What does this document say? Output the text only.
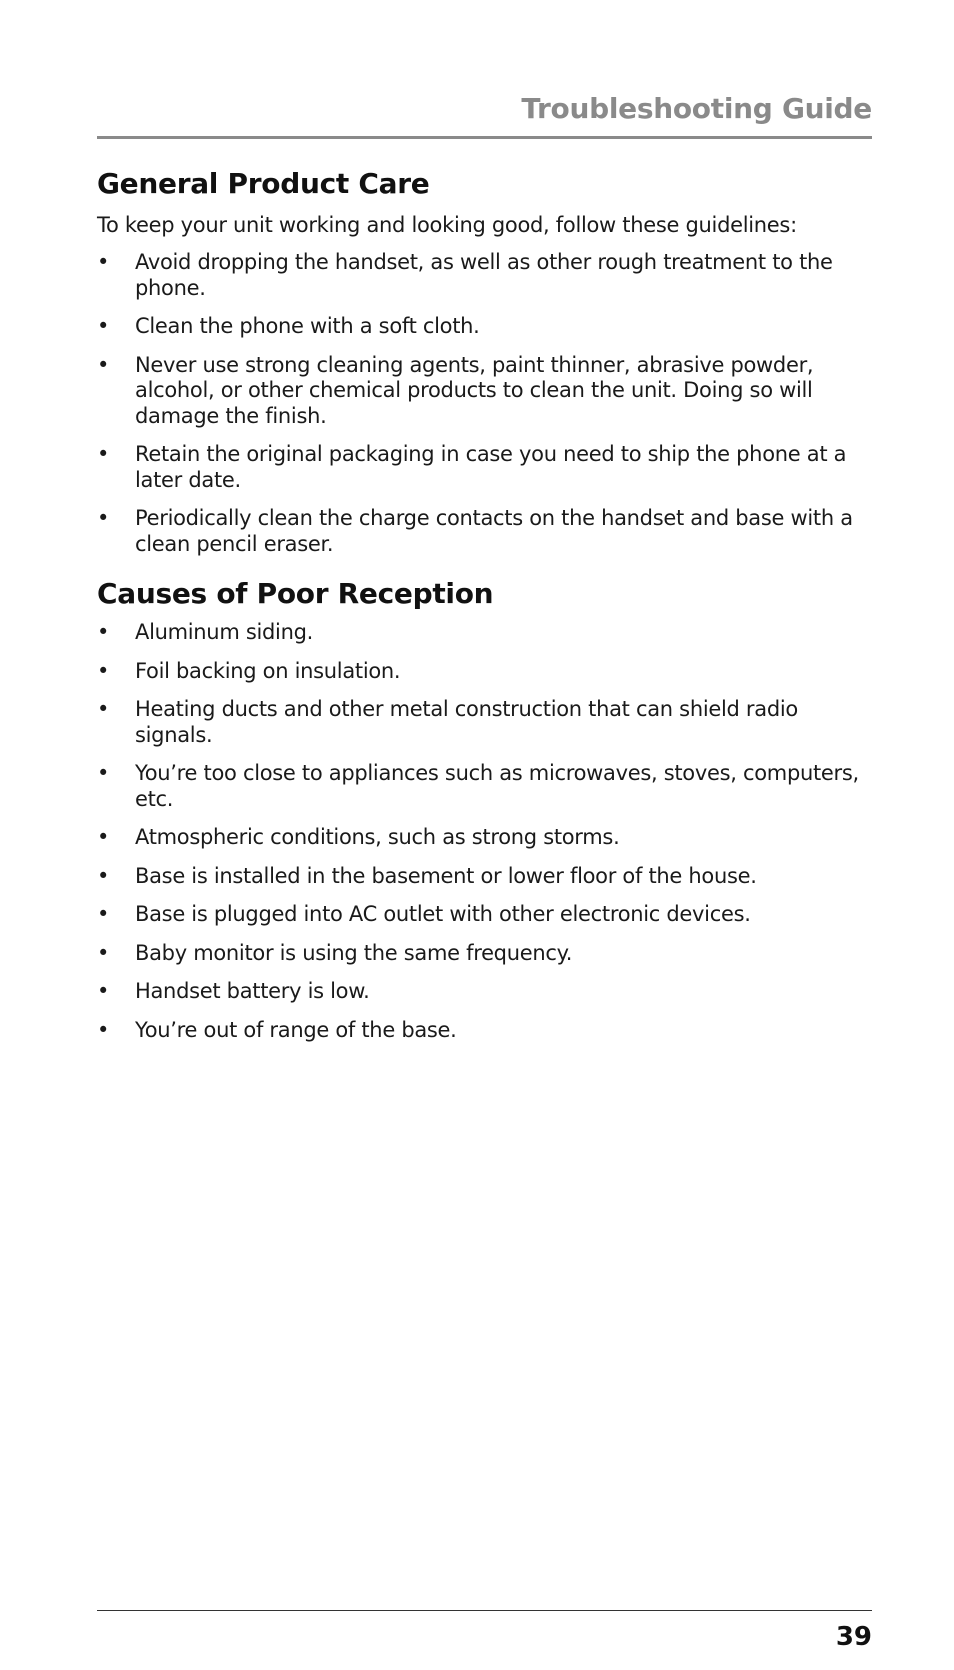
Troubleshooting Guide
General Product Care

To keep your unit working and looking good, follow these guidelines:

• Avoid dropping the handset, as well as other rough treatment to the phone.
• Clean the phone with a soft cloth.
• Never use strong cleaning agents, paint thinner, abrasive powder, alcohol, or other chemical products to clean the unit. Doing so will damage the finish.
• Retain the original packaging in case you need to ship the phone at a later date.
• Periodically clean the charge contacts on the handset and base with a clean pencil eraser.
Causes of Poor Reception
• Aluminum siding.
• Foil backing on insulation.
• Heating ducts and other metal construction that can shield radio signals.
• You’re too close to appliances such as microwaves, stoves, computers, etc.
• Atmospheric conditions, such as strong storms.
• Base is installed in the basement or lower floor of the house.
• Base is plugged into AC outlet with other electronic devices.
• Baby monitor is using the same frequency.
• Handset battery is low.
• You’re out of range of the base.
39
